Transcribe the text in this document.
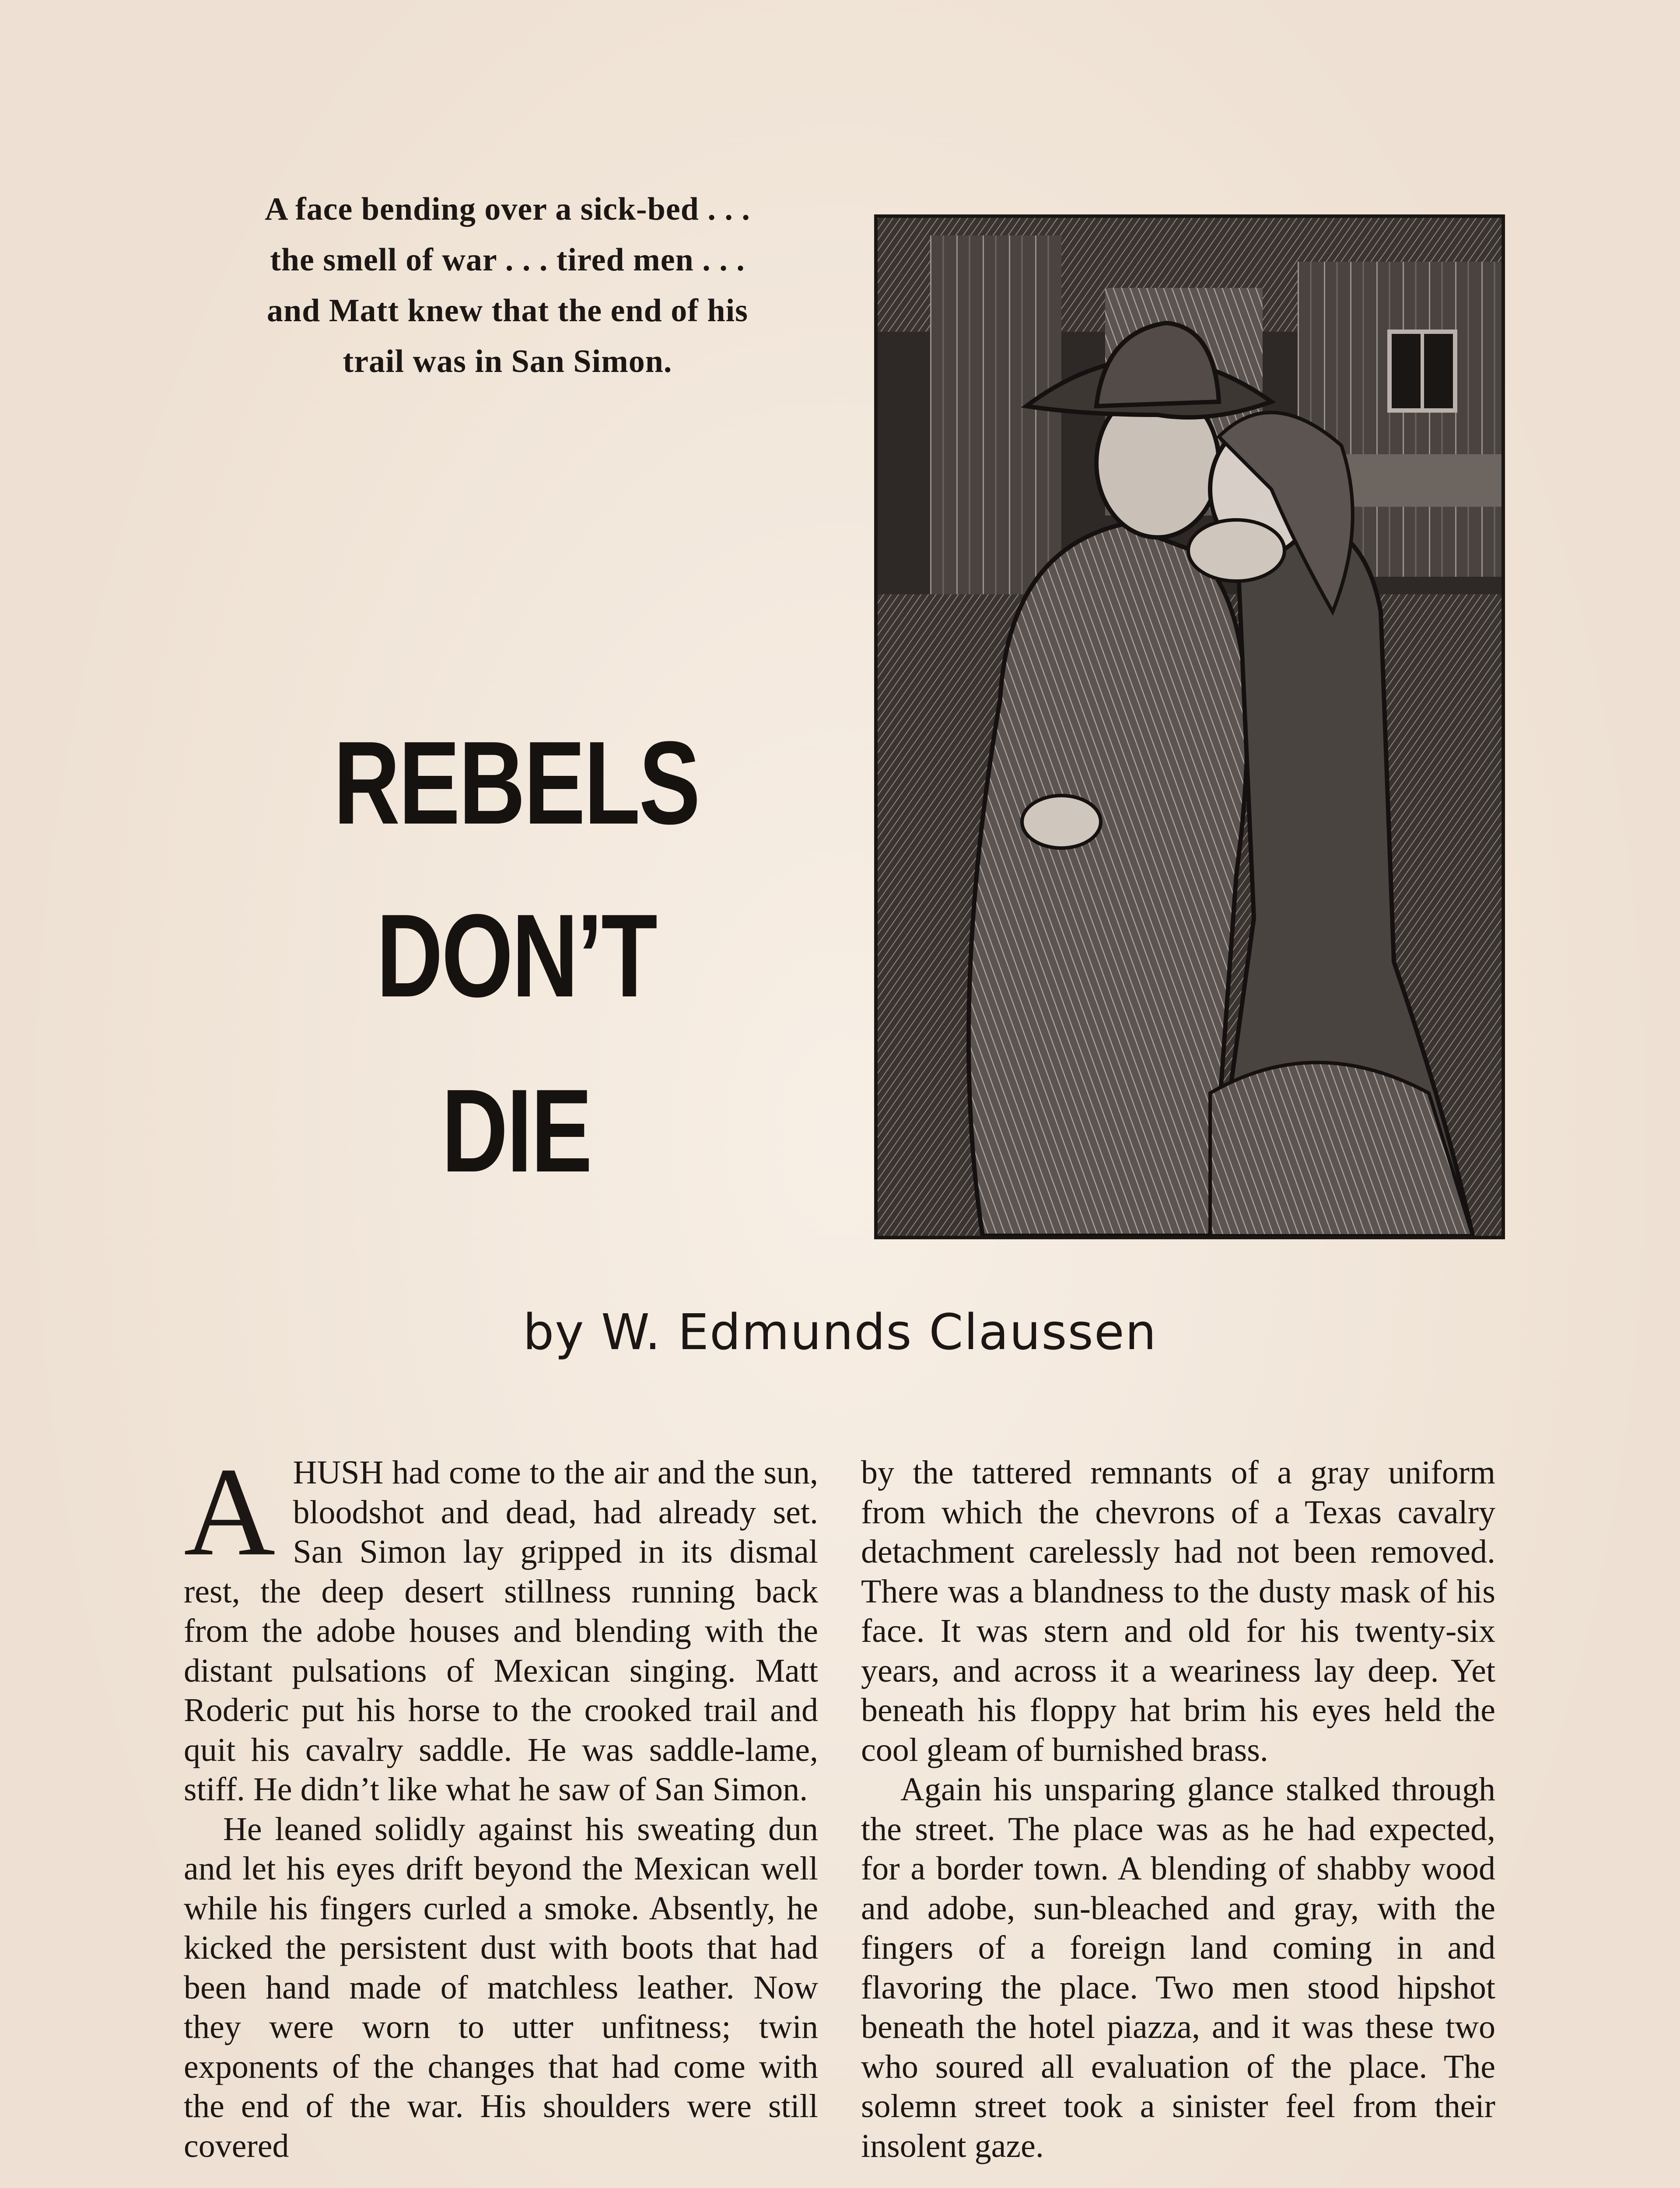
A face bending over a sick-bed . . .
the smell of war . . . tired men . . .
and Matt knew that the end of his
trail was in San Simon.
REBELS
DON’T
DIE
by W. Edmunds Claussen

AHUSH had come to the air and the sun, bloodshot and dead, had already set. San Simon lay gripped in its dismal rest, the deep desert stillness running back from the adobe houses and blending with the distant pulsations of Mexican singing. Matt Roderic put his horse to the crooked trail and quit his cavalry saddle. He was saddle-lame, stiff. He didn’t like what he saw of San Simon.

He leaned solidly against his sweating dun and let his eyes drift beyond the Mexican well while his fingers curled a smoke. Absently, he kicked the persistent dust with boots that had been hand made of matchless leather. Now they were worn to utter unfitness; twin exponents of the changes that had come with the end of the war. His shoulders were still covered

by the tattered remnants of a gray uniform from which the chevrons of a Texas cavalry detachment carelessly had not been removed. There was a blandness to the dusty mask of his face. It was stern and old for his twenty-six years, and across it a weariness lay deep. Yet beneath his floppy hat brim his eyes held the cool gleam of burnished brass.

Again his unsparing glance stalked through the street. The place was as he had expected, for a border town. A blending of shabby wood and adobe, sun-bleached and gray, with the fingers of a foreign land coming in and flavoring the place. Two men stood hipshot beneath the hotel piazza, and it was these two who soured all evaluation of the place. The solemn street took a sinister feel from their insolent gaze.
